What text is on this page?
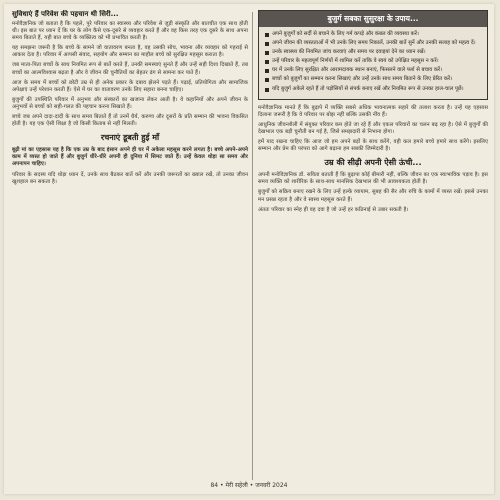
सुविधाएं हैं परिवेश की पहचान थी सिरी...

मनोवैज्ञानिक जो बताता है कि पहले, पूरे परिवार का स्वास्थ्य और परिवेश से जुड़ी संस्कृति और बातचीत एक साथ होती थी। इस बात पर ध्यान दें कि घर के लोग कैसे एक-दूसरे से व्यवहार करते हैं और वह किस तरह एक दूसरे के साथ अपना समय बिताते हैं, यही बात बच्चे के व्यक्तित्व को भी प्रभावित करती है।

यह समझना जरूरी है कि बच्चे के सामने जो वातावरण बनता है, वह उसकी सोच, भावना और व्यवहार को गहराई से आकार देता है। परिवार में आपसी संवाद, सहयोग और सम्मान का माहौल बच्चे को सुरक्षित महसूस कराता है।

जब माता-पिता बच्चों के साथ नियमित रूप से बातें करते हैं, उनकी समस्याएं सुनते हैं और उन्हें सही दिशा दिखाते हैं, तब बच्चों का आत्मविश्वास बढ़ता है और वे जीवन की चुनौतियों का बेहतर ढंग से सामना कर पाते हैं।

आज के समय में बच्चों को छोटी उम्र से ही अनेक प्रकार के दबाव झेलने पड़ते हैं। पढ़ाई, प्रतियोगिता और सामाजिक अपेक्षाएं उन्हें परेशान करती हैं। ऐसे में घर का वातावरण उनके लिए सहारा बनना चाहिए।

बुजुर्गों की उपस्थिति परिवार में अनुभव और संस्कारों का खजाना लेकर आती है। वे कहानियों और अपने जीवन के अनुभवों से बच्चों को सही-गलत की पहचान करना सिखाते हैं।

बच्चे जब अपने दादा-दादी के साथ समय बिताते हैं तो उनमें धैर्य, करुणा और दूसरों के प्रति सम्मान की भावना विकसित होती है। यह एक ऐसी शिक्षा है जो किसी किताब से नहीं मिलती।

रचनाएं डूबती हुई माँ

बूढ़ी मां का एहसास यह है कि एक उम्र के बाद इंसान अपने ही घर में अकेला महसूस करने लगता है। बच्चे अपने-अपने काम में व्यस्त हो जाते हैं और बुजुर्ग धीरे-धीरे अपनी ही दुनिया में सिमट जाते हैं। उन्हें केवल थोड़ा सा समय और अपनापन चाहिए।

परिवार के सदस्य यदि थोड़ा ध्यान दें, उनके साथ बैठकर बातें करें और उनकी जरूरतों का ख्याल रखें, तो उनका जीवन खुशहाल बन सकता है।

बुजुर्ग सबका सुसुरक्षा के उपाय...
अपने बुजुर्गों को सर्दी से बचाने के लिए गर्म कपड़े और कंबल की व्यवस्था करें।
अपने जीवन की व्यस्तताओं में भी उनके लिए समय निकालें, उनकी बातें सुनें और उनकी सलाह को महत्व दें।
उनके स्वास्थ्य की नियमित जांच करवाएं और समय पर दवाइयां देने का ध्यान रखें।
उन्हें परिवार के महत्वपूर्ण निर्णयों में शामिल करें ताकि वे स्वयं को उपेक्षित महसूस न करें।
घर में उनके लिए सुरक्षित और आरामदायक स्थान बनाएं, फिसलने वाले फर्श से बचाव करें।
बच्चों को बुजुर्गों का सम्मान करना सिखाएं और उन्हें उनके साथ समय बिताने के लिए प्रेरित करें।
यदि बुजुर्ग अकेले रहते हैं तो पड़ोसियों से संपर्क बनाए रखें और नियमित रूप से उनका हाल-चाल पूछें।

मनोवैज्ञानिक मानते हैं कि बुढ़ापे में व्यक्ति सबसे अधिक भावनात्मक सहारे की तलाश करता है। उन्हें यह एहसास दिलाना जरूरी है कि वे परिवार पर बोझ नहीं बल्कि उसकी नींव हैं।

आधुनिक जीवनशैली में संयुक्त परिवार कम होते जा रहे हैं और एकल परिवारों का चलन बढ़ रहा है। ऐसे में बुजुर्गों की देखभाल एक बड़ी चुनौती बन गई है, जिसे समझदारी से निभाना होगा।

हमें याद रखना चाहिए कि आज जो हम अपने बड़ों के साथ करेंगे, वही कल हमारे बच्चे हमारे साथ करेंगे। इसलिए सम्मान और प्रेम की परंपरा को आगे बढ़ाना हम सबकी जिम्मेदारी है।

उम्र की सीढ़ी अपनी ऐसी ऊंची...

अपनी मनोविज्ञानिक डॉ. सविता बताती हैं कि बुढ़ापा कोई बीमारी नहीं, बल्कि जीवन का एक स्वाभाविक पड़ाव है। इस समय व्यक्ति को शारीरिक के साथ-साथ मानसिक देखभाल की भी आवश्यकता होती है।

बुजुर्गों को सक्रिय बनाए रखने के लिए उन्हें हल्के व्यायाम, सुबह की सैर और रुचि के कामों में व्यस्त रखें। इससे उनका मन प्रसन्न रहता है और वे स्वस्थ महसूस करते हैं।

अंततः परिवार का स्नेह ही वह दवा है जो उन्हें हर कठिनाई से उबार सकती है।

84 • मेरी सहेली • जनवरी 2024
